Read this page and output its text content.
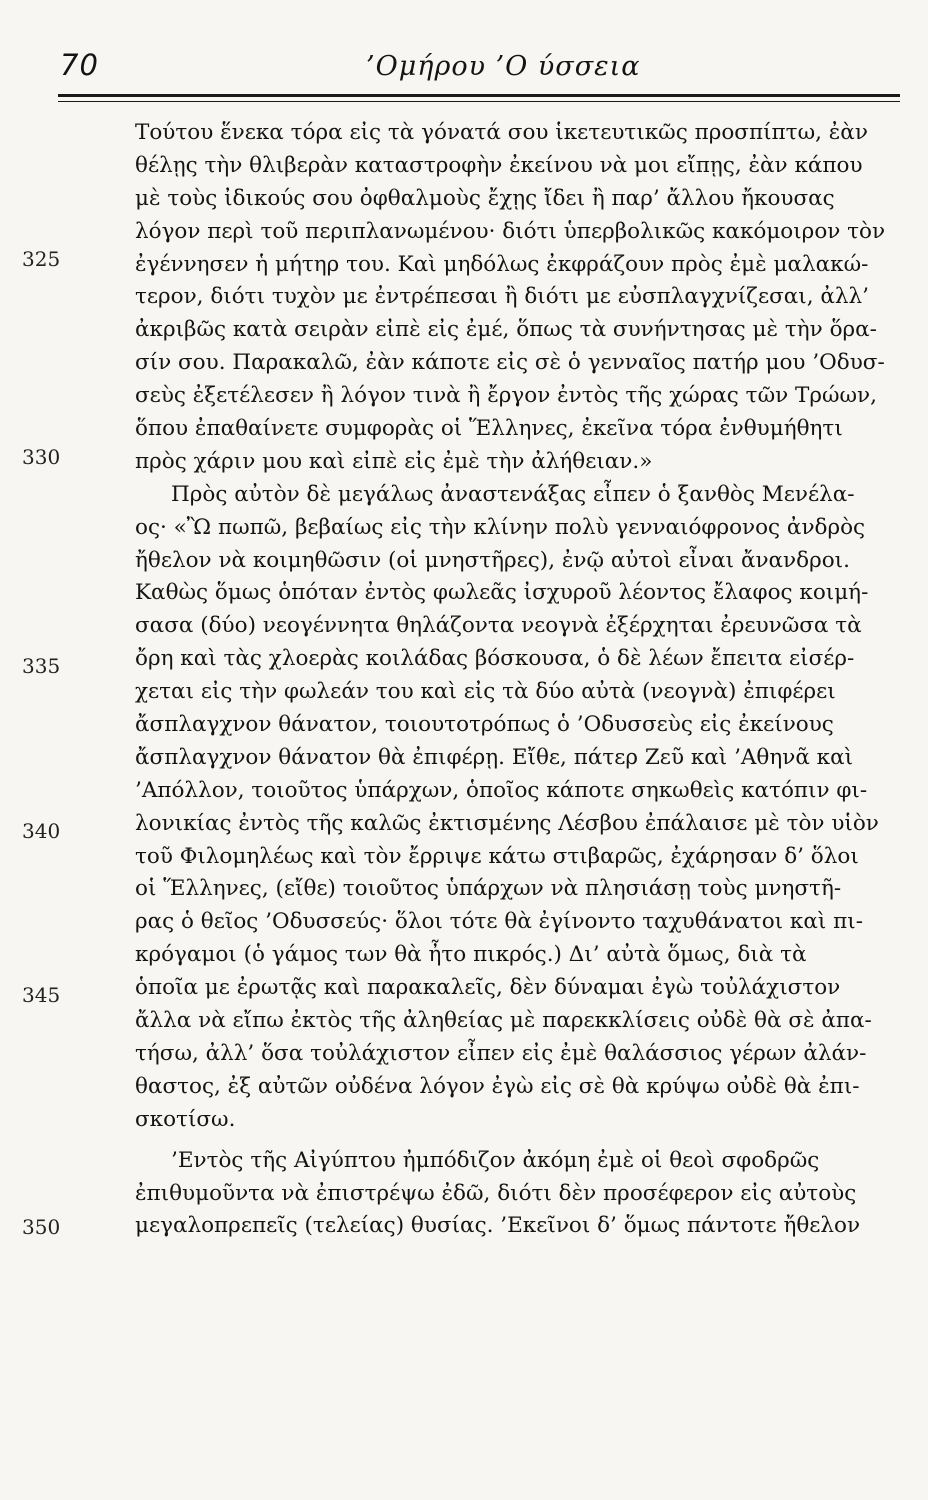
70	’Ομήρου ’Ο ύσσεια
325
330
335
340
345
350
Τούτου ἕνεκα τόρα εἰς τὰ γόνατά σου ἱκετευτικῶς προσπίπτω, ἐὰν
θέλῃς τὴν θλιβερὰν καταστροφὴν ἐκείνου νὰ μοι εἴπῃς, ἐὰν κάπου
μὲ τοὺς ἰδικούς σου ὀφθαλμοὺς ἔχῃς ἴδει ἢ παρ’ ἄλλου ἤκουσας
λόγον περὶ τοῦ περιπλανωμένου· διότι ὑπερβολικῶς κακόμοιρον τὸν
ἐγέννησεν ἡ μήτηρ του. Καὶ μηδόλως ἐκφράζουν πρὸς ἐμὲ μαλακώ-
τερον, διότι τυχὸν με ἐντρέπεσαι ἢ διότι με εὐσπλαγχνίζεσαι, ἀλλ’
ἀκριβῶς κατὰ σειρὰν εἰπὲ εἰς ἐμέ, ὅπως τὰ συνήντησας μὲ τὴν ὅρα-
σίν σου. Παρακαλῶ, ἐὰν κάποτε εἰς σὲ ὁ γενναῖος πατήρ μου ’Οδυσ-
σεὺς ἐξετέλεσεν ἢ λόγον τινὰ ἢ ἔργον ἐντὸς τῆς χώρας τῶν Τρώων,
ὅπου ἐπαθαίνετε συμφορὰς οἱ Ἕλληνες, ἐκεῖνα τόρα ἐνθυμήθητι
πρὸς χάριν μου καὶ εἰπὲ εἰς ἐμὲ τὴν ἀλήθειαν.»
Πρὸς αὐτὸν δὲ μεγάλως ἀναστενάξας εἶπεν ὁ ξανθὸς Μενέλα-
ος· «Ὢ πωπῶ, βεβαίως εἰς τὴν κλίνην πολὺ γενναιόφρονος ἀνδρὸς
ἤθελον νὰ κοιμηθῶσιν (οἱ μνηστῆρες), ἐνῷ αὐτοὶ εἶναι ἄνανδροι.
Καθὼς ὅμως ὁπόταν ἐντὸς φωλεᾶς ἰσχυροῦ λέοντος ἔλαφος κοιμή-
σασα (δύο) νεογέννητα θηλάζοντα νεογνὰ ἐξέρχηται ἐρευνῶσα τὰ
ὄρη καὶ τὰς χλοερὰς κοιλάδας βόσκουσα, ὁ δὲ λέων ἔπειτα εἰσέρ-
χεται εἰς τὴν φωλεάν του καὶ εἰς τὰ δύο αὐτὰ (νεογνὰ) ἐπιφέρει
ἄσπλαγχνον θάνατον, τοιουτοτρόπως ὁ ’Οδυσσεὺς εἰς ἐκείνους
ἄσπλαγχνον θάνατον θὰ ἐπιφέρῃ. Εἴθε, πάτερ Ζεῦ καὶ ’Αθηνᾶ καὶ
’Απόλλον, τοιοῦτος ὑπάρχων, ὁποῖος κάποτε σηκωθεὶς κατόπιν φι-
λονικίας ἐντὸς τῆς καλῶς ἐκτισμένης Λέσβου ἐπάλαισε μὲ τὸν υἱὸν
τοῦ Φιλομηλέως καὶ τὸν ἔρριψε κάτω στιβαρῶς, ἐχάρησαν δ’ ὅλοι
οἱ Ἕλληνες, (εἴθε) τοιοῦτος ὑπάρχων νὰ πλησιάσῃ τοὺς μνηστῆ-
ρας ὁ θεῖος ’Οδυσσεύς· ὅλοι τότε θὰ ἐγίνοντο ταχυθάνατοι καὶ πι-
κρόγαμοι (ὁ γάμος των θὰ ἦτο πικρός.) Δι’ αὐτὰ ὅμως, διὰ τὰ
ὁποῖα με ἐρωτᾷς καὶ παρακαλεῖς, δὲν δύναμαι ἐγὼ τοὐλάχιστον
ἄλλα νὰ εἴπω ἐκτὸς τῆς ἀληθείας μὲ παρεκκλίσεις οὐδὲ θὰ σὲ ἀπα-
τήσω, ἀλλ’ ὅσα τοὐλάχιστον εἶπεν εἰς ἐμὲ θαλάσσιος γέρων ἀλάν-
θαστος, ἐξ αὐτῶν οὐδένα λόγον ἐγὼ εἰς σὲ θὰ κρύψω οὐδὲ θὰ ἐπι-
σκοτίσω.
’Εντὸς τῆς Αἰγύπτου ἠμπόδιζον ἀκόμη ἐμὲ οἱ θεοὶ σφοδρῶς
ἐπιθυμοῦντα νὰ ἐπιστρέψω ἐδῶ, διότι δὲν προσέφερον εἰς αὐτοὺς
μεγαλοπρεπεῖς (τελείας) θυσίας. ’Εκεῖνοι δ’ ὅμως πάντοτε ἤθελον
